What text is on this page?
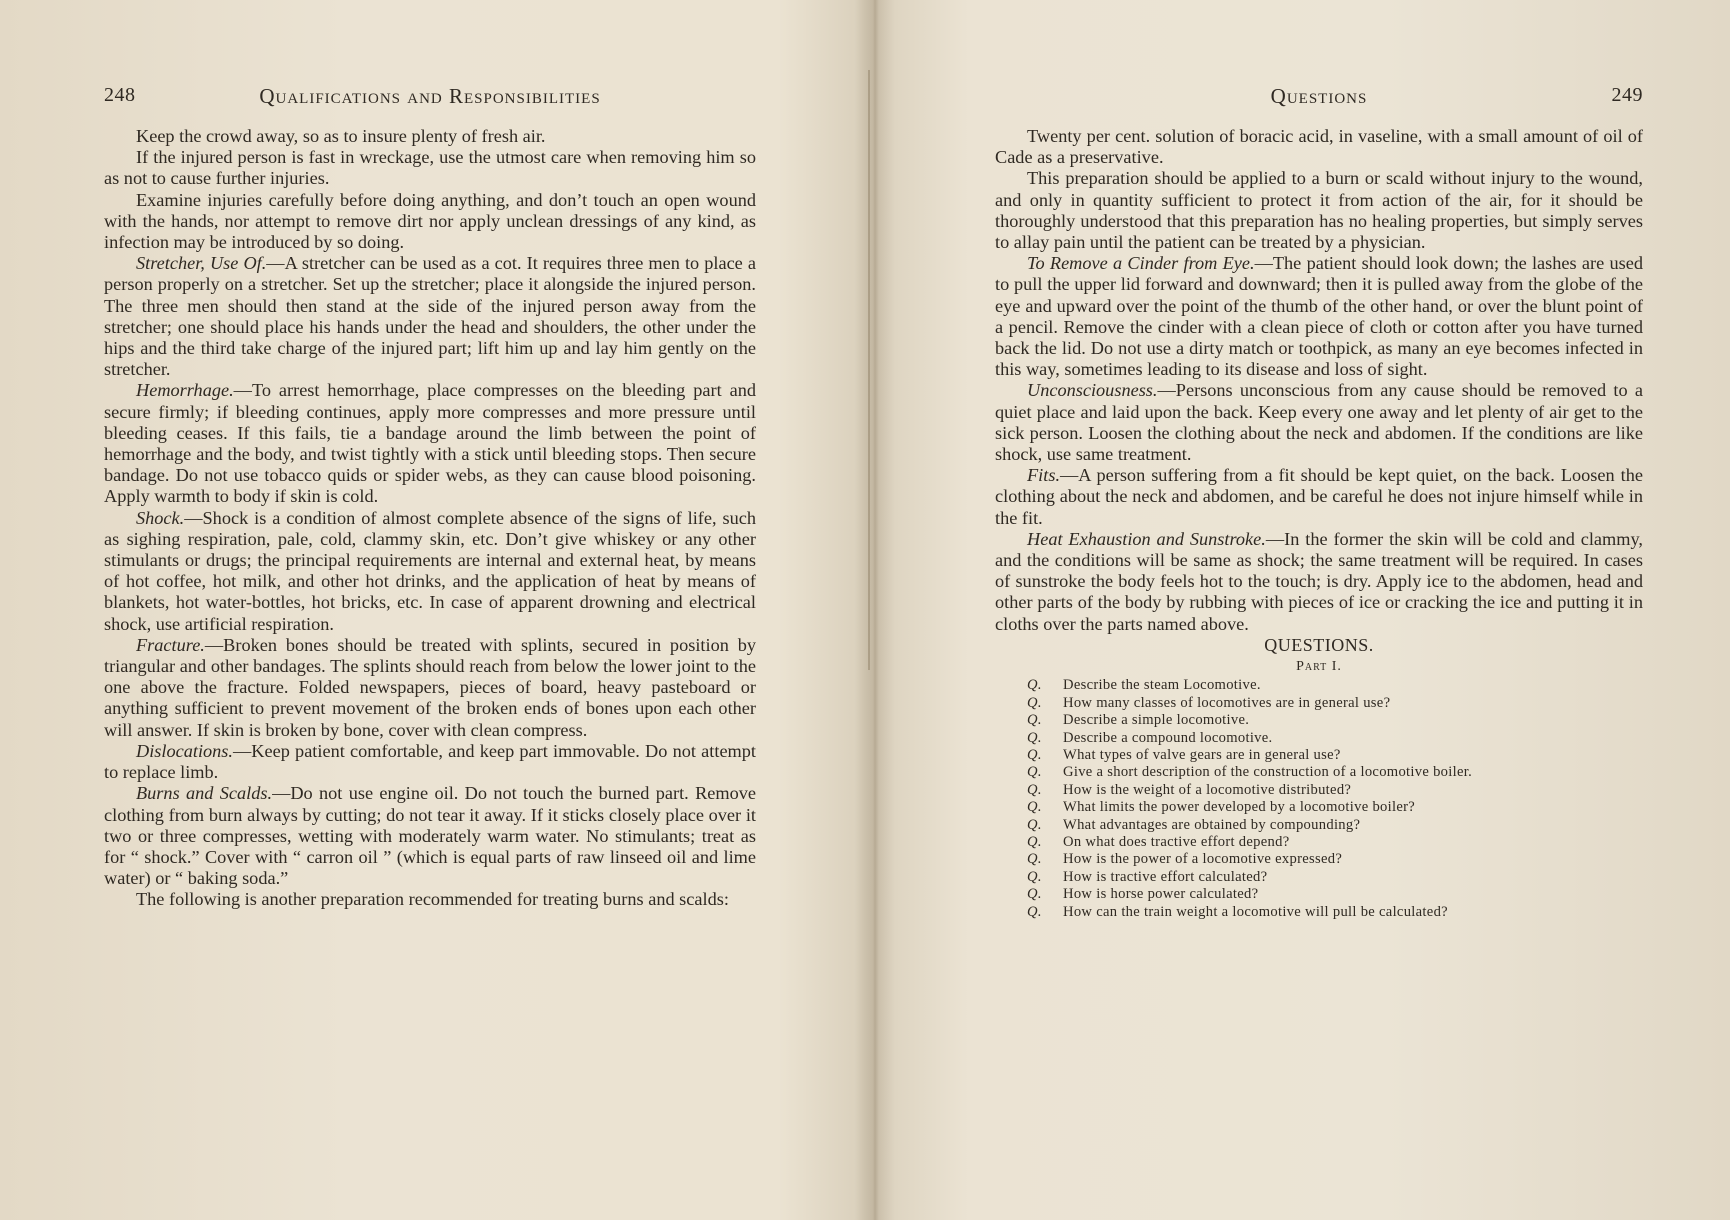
248	Qualifications and Responsibilities

Keep the crowd away, so as to insure plenty of fresh air.

If the injured person is fast in wreckage, use the utmost care when removing him so as not to cause further injuries.

Examine injuries carefully before doing anything, and don’t touch an open wound with the hands, nor attempt to remove dirt nor apply unclean dressings of any kind, as infection may be introduced by so doing.

Stretcher, Use Of.—A stretcher can be used as a cot. It requires three men to place a person properly on a stretcher. Set up the stretcher; place it alongside the injured person. The three men should then stand at the side of the injured person away from the stretcher; one should place his hands under the head and shoulders, the other under the hips and the third take charge of the injured part; lift him up and lay him gently on the stretcher.

Hemorrhage.—To arrest hemorrhage, place compresses on the bleeding part and secure firmly; if bleeding continues, apply more compresses and more pressure until bleeding ceases. If this fails, tie a bandage around the limb between the point of hemorrhage and the body, and twist tightly with a stick until bleeding stops. Then secure bandage. Do not use tobacco quids or spider webs, as they can cause blood poisoning. Apply warmth to body if skin is cold.

Shock.—Shock is a condition of almost complete absence of the signs of life, such as sighing respiration, pale, cold, clammy skin, etc. Don’t give whiskey or any other stimulants or drugs; the principal requirements are internal and external heat, by means of hot coffee, hot milk, and other hot drinks, and the application of heat by means of blankets, hot water-bottles, hot bricks, etc. In case of apparent drowning and electrical shock, use artificial respiration.

Fracture.—Broken bones should be treated with splints, secured in position by triangular and other bandages. The splints should reach from below the lower joint to the one above the fracture. Folded newspapers, pieces of board, heavy pasteboard or anything sufficient to prevent movement of the broken ends of bones upon each other will answer. If skin is broken by bone, cover with clean compress.

Dislocations.—Keep patient comfortable, and keep part immovable. Do not attempt to replace limb.

Burns and Scalds.—Do not use engine oil. Do not touch the burned part. Remove clothing from burn always by cutting; do not tear it away. If it sticks closely place over it two or three compresses, wetting with moderately warm water. No stimulants; treat as for “ shock.” Cover with “ carron oil ” (which is equal parts of raw linseed oil and lime water) or “ baking soda.”

The following is another preparation recommended for treating burns and scalds:

Questions	249

Twenty per cent. solution of boracic acid, in vaseline, with a small amount of oil of Cade as a preservative.

This preparation should be applied to a burn or scald without injury to the wound, and only in quantity sufficient to protect it from action of the air, for it should be thoroughly understood that this preparation has no healing properties, but simply serves to allay pain until the patient can be treated by a physician.

To Remove a Cinder from Eye.—The patient should look down; the lashes are used to pull the upper lid forward and downward; then it is pulled away from the globe of the eye and upward over the point of the thumb of the other hand, or over the blunt point of a pencil. Remove the cinder with a clean piece of cloth or cotton after you have turned back the lid. Do not use a dirty match or toothpick, as many an eye becomes infected in this way, sometimes leading to its disease and loss of sight.

Unconsciousness.—Persons unconscious from any cause should be removed to a quiet place and laid upon the back. Keep every one away and let plenty of air get to the sick person. Loosen the clothing about the neck and abdomen. If the conditions are like shock, use same treatment.

Fits.—A person suffering from a fit should be kept quiet, on the back. Loosen the clothing about the neck and abdomen, and be careful he does not injure himself while in the fit.

Heat Exhaustion and Sunstroke.—In the former the skin will be cold and clammy, and the conditions will be same as shock; the same treatment will be required. In cases of sunstroke the body feels hot to the touch; is dry. Apply ice to the abdomen, head and other parts of the body by rubbing with pieces of ice or cracking the ice and putting it in cloths over the parts named above.

QUESTIONS.

Part I.

Q. Describe the steam Locomotive.
Q. How many classes of locomotives are in general use?
Q. Describe a simple locomotive.
Q. Describe a compound locomotive.
Q. What types of valve gears are in general use?
Q. Give a short description of the construction of a locomotive boiler.
Q. How is the weight of a locomotive distributed?
Q. What limits the power developed by a locomotive boiler?
Q. What advantages are obtained by compounding?
Q. On what does tractive effort depend?
Q. How is the power of a locomotive expressed?
Q. How is tractive effort calculated?
Q. How is horse power calculated?
Q. How can the train weight a locomotive will pull be calculated?
